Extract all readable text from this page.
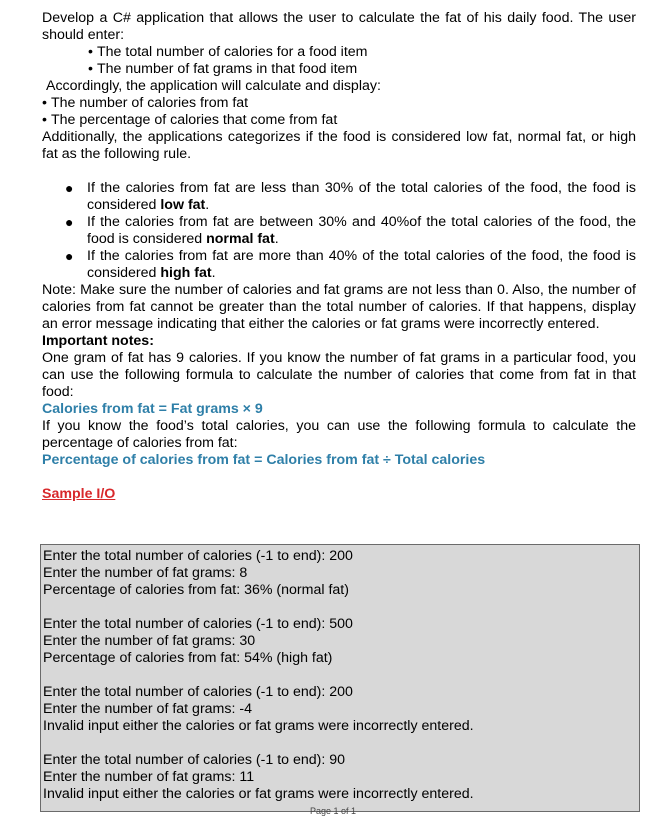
Develop a C# application that allows the user to calculate the fat of his daily food. The user should enter:

• The total number of calories for a food item
• The number of fat grams in that food item

Accordingly, the application will calculate and display:

• The number of calories from fat
• The percentage of calories that come from fat

Additionally, the applications categorizes if the food is considered low fat, normal fat, or high fat as the following rule.

● If the calories from fat are less than 30% of the total calories of the food, the food is considered low fat.
● If the calories from fat are between 30% and 40%of the total calories of the food, the food is considered normal fat.
● If the calories from fat are more than 40% of the total calories of the food, the food is considered high fat.

Note: Make sure the number of calories and fat grams are not less than 0. Also, the number of calories from fat cannot be greater than the total number of calories. If that happens, display an error message indicating that either the calories or fat grams were incorrectly entered.

Important notes:

One gram of fat has 9 calories. If you know the number of fat grams in a particular food, you can use the following formula to calculate the number of calories that come from fat in that food:

Calories from fat = Fat grams × 9

If you know the food’s total calories, you can use the following formula to calculate the percentage of calories from fat:

Percentage of calories from fat = Calories from fat ÷ Total calories

Sample I/O

Enter the total number of calories (-1 to end): 200
Enter the number of fat grams: 8
Percentage of calories from fat: 36% (normal fat)
Enter the total number of calories (-1 to end): 500
Enter the number of fat grams: 30
Percentage of calories from fat: 54% (high fat)
Enter the total number of calories (-1 to end): 200
Enter the number of fat grams: -4
Invalid input either the calories or fat grams were incorrectly entered.
Enter the total number of calories (-1 to end): 90
Enter the number of fat grams: 11
Invalid input either the calories or fat grams were incorrectly entered.
Page 1 of 1
